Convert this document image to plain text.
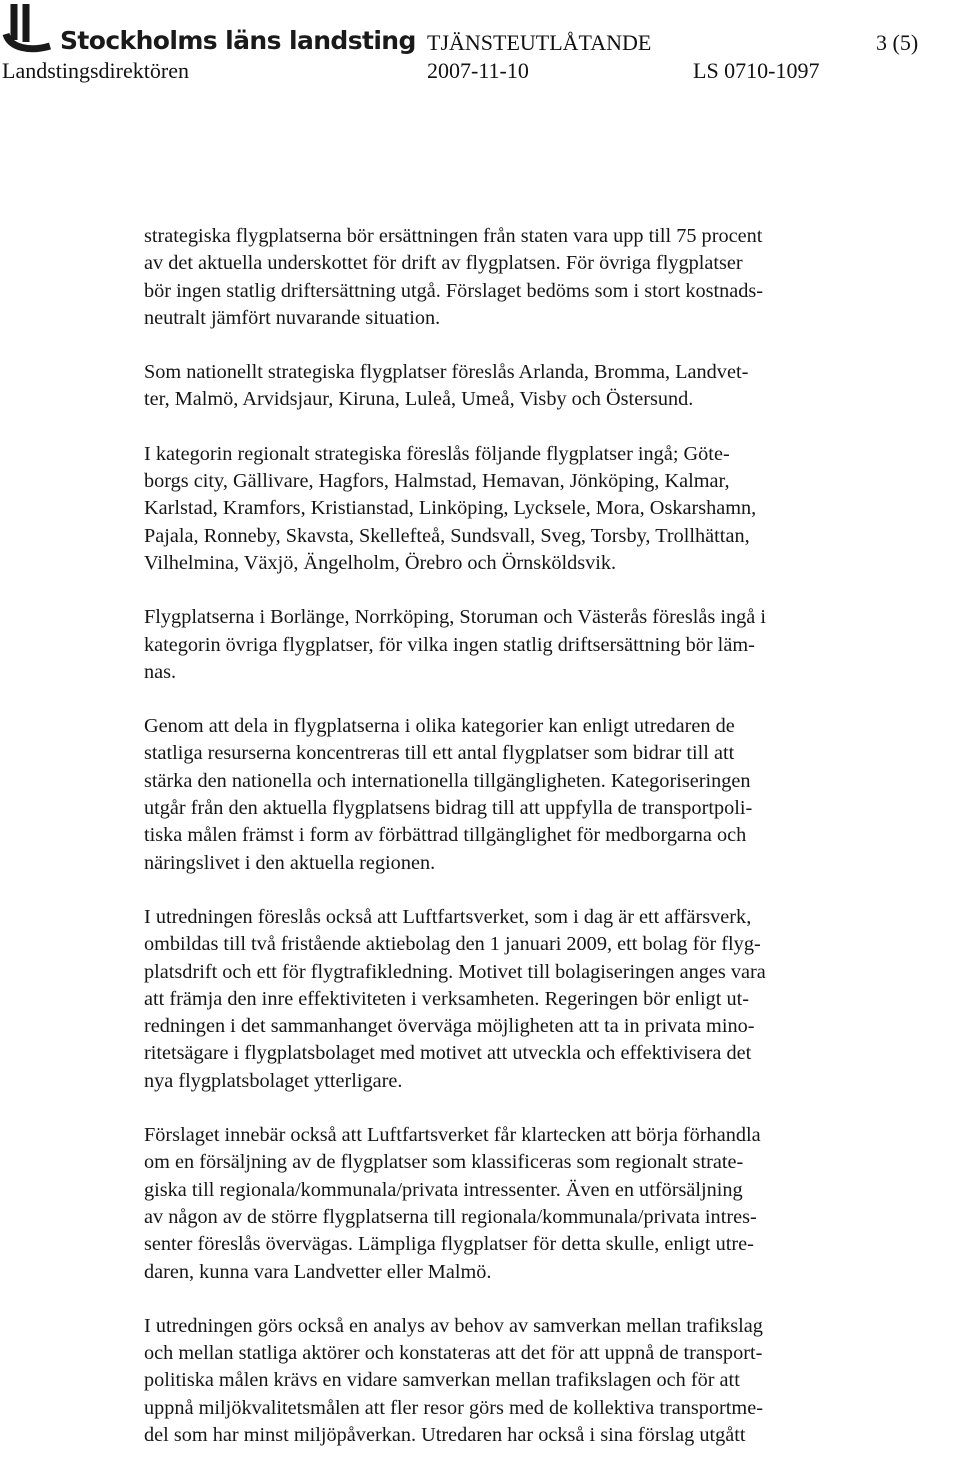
Stockholms läns landsting TJÄNSTEUTLÅTANDE	3 (5)
Landstingsdirektören	2007-11-10	LS 0710-1097

strategiska flygplatserna bör ersättningen från staten vara upp till 75 procent
av det aktuella underskottet för drift av flygplatsen. För övriga flygplatser
bör ingen statlig driftersättning utgå. Förslaget bedöms som i stort kostnads-
neutralt jämfört nuvarande situation.

Som nationellt strategiska flygplatser föreslås Arlanda, Bromma, Landvet-
ter, Malmö, Arvidsjaur, Kiruna, Luleå, Umeå, Visby och Östersund.

I kategorin regionalt strategiska föreslås följande flygplatser ingå; Göte-
borgs city, Gällivare, Hagfors, Halmstad, Hemavan, Jönköping, Kalmar,
Karlstad, Kramfors, Kristianstad, Linköping, Lycksele, Mora, Oskarshamn,
Pajala, Ronneby, Skavsta, Skellefteå, Sundsvall, Sveg, Torsby, Trollhättan,
Vilhelmina, Växjö, Ängelholm, Örebro och Örnsköldsvik.

Flygplatserna i Borlänge, Norrköping, Storuman och Västerås föreslås ingå i
kategorin övriga flygplatser, för vilka ingen statlig driftsersättning bör läm-
nas.

Genom att dela in flygplatserna i olika kategorier kan enligt utredaren de
statliga resurserna koncentreras till ett antal flygplatser som bidrar till att
stärka den nationella och internationella tillgängligheten. Kategoriseringen
utgår från den aktuella flygplatsens bidrag till att uppfylla de transportpoli-
tiska målen främst i form av förbättrad tillgänglighet för medborgarna och
näringslivet i den aktuella regionen.

I utredningen föreslås också att Luftfartsverket, som i dag är ett affärsverk,
ombildas till två fristående aktiebolag den 1 januari 2009, ett bolag för flyg-
platsdrift och ett för flygtrafikledning. Motivet till bolagiseringen anges vara
att främja den inre effektiviteten i verksamheten. Regeringen bör enligt ut-
redningen i det sammanhanget överväga möjligheten att ta in privata mino-
ritetsägare i flygplatsbolaget med motivet att utveckla och effektivisera det
nya flygplatsbolaget ytterligare.

Förslaget innebär också att Luftfartsverket får klartecken att börja förhandla
om en försäljning av de flygplatser som klassificeras som regionalt strate-
giska till regionala/kommunala/privata intressenter. Även en utförsäljning
av någon av de större flygplatserna till regionala/kommunala/privata intres-
senter föreslås övervägas. Lämpliga flygplatser för detta skulle, enligt utre-
daren, kunna vara Landvetter eller Malmö.

I utredningen görs också en analys av behov av samverkan mellan trafikslag
och mellan statliga aktörer och konstateras att det för att uppnå de transport-
politiska målen krävs en vidare samverkan mellan trafikslagen och för att
uppnå miljökvalitetsmålen att fler resor görs med de kollektiva transportme-
del som har minst miljöpåverkan. Utredaren har också i sina förslag utgått
